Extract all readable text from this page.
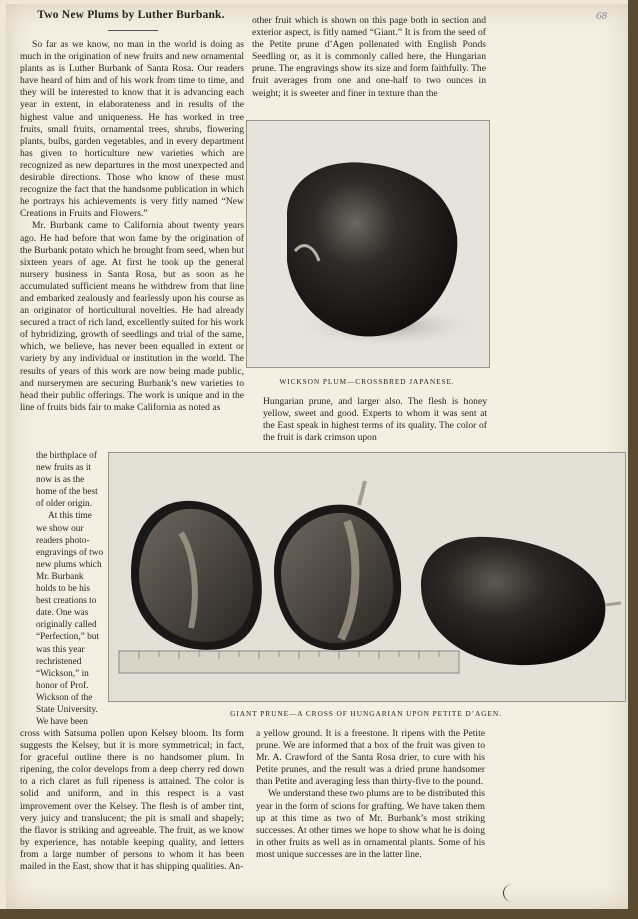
68
Two New Plums by Luther Burbank.

So far as we know, no man in the world is doing as much in the origination of new fruits and new ornamental plants as is Luther Burbank of Santa Rosa. Our readers have heard of him and of his work from time to time, and they will be interested to know that it is advancing each year in extent, in elaborateness and in results of the highest value and uniqueness. He has worked in tree fruits, small fruits, ornamental trees, shrubs, flowering plants, bulbs, garden vegetables, and in every department has given to horticulture new varieties which are recognized as new departures in the most unexpected and desirable directions. Those who know of these must recognize the fact that the handsome publication in which he portrays his achievements is very fitly named “New Creations in Fruits and Flowers.”

Mr. Burbank came to California about twenty years ago. He had before that won fame by the origination of the Burbank potato which he brought from seed, when but sixteen years of age. At first he took up the general nursery business in Santa Rosa, but as soon as he accumulated sufficient means he withdrew from that line and embarked zealously and fearlessly upon his course as an originator of horticultural novelties. He had already secured a tract of rich land, excellently suited for his work of hybridizing, growth of seedlings and trial of the same, which, we believe, has never been equalled in extent or variety by any individual or institution in the world. The results of years of this work are now being made public, and nurserymen are securing Burbank’s new varieties to head their public offerings. The work is unique and in the line of fruits bids fair to make California as noted as

the birthplace of new fruits as it now is as the home of the best of older origin.

At this time we show our readers photo-engravings of two new plums which Mr. Burbank holds to be his best creations to date. One was originally called “Perfection,” but was this year rechristened “Wickson,” in honor of Prof. Wickson of the State University. We have been

cross with Satsuma pollen upon Kelsey bloom. Its form suggests the Kelsey, but it is more symmetrical; in fact, for graceful outline there is no handsomer plum. In ripening, the color develops from a deep cherry red down to a rich claret as full ripeness is attained. The color is solid and uniform, and in this respect is a vast improvement over the Kelsey. The flesh is of amber tint, very juicy and translucent; the pit is small and shapely; the flavor is striking and agreeable. The fruit, as we know by experience, has notable keeping quality, and letters from a large number of persons to whom it has been mailed in the East, show that it has shipping qualities. An-

other fruit which is shown on this page both in section and exterior aspect, is fitly named “Giant.” It is from the seed of the Petite prune d’Agen pollenated with English Ponds Seedling or, as it is commonly called here, the Hungarian prune. The engravings show its size and form faithfully. The fruit averages from one and one-half to two ounces in weight; it is sweeter and finer in texture than the

WICKSON PLUM—CROSSBRED JAPANESE.

Hungarian prune, and larger also. The flesh is honey yellow, sweet and good. Experts to whom it was sent at the East speak in highest terms of its quality. The color of the fruit is dark crimson upon

GIANT PRUNE—A CROSS OF HUNGARIAN UPON PETITE D’AGEN.

a yellow ground. It is a freestone. It ripens with the Petite prune. We are informed that a box of the fruit was given to Mr. A. Crawford of the Santa Rosa drier, to cure with his Petite prunes, and the result was a dried prune handsomer than Petite and averaging less than thirty-five to the pound.

We understand these two plums are to be distributed this year in the form of scions for grafting. We have taken them up at this time as two of Mr. Burbank’s most striking successes. At other times we hope to show what he is doing in other fruits as well as in ornamental plants. Some of his most unique successes are in the latter line.
